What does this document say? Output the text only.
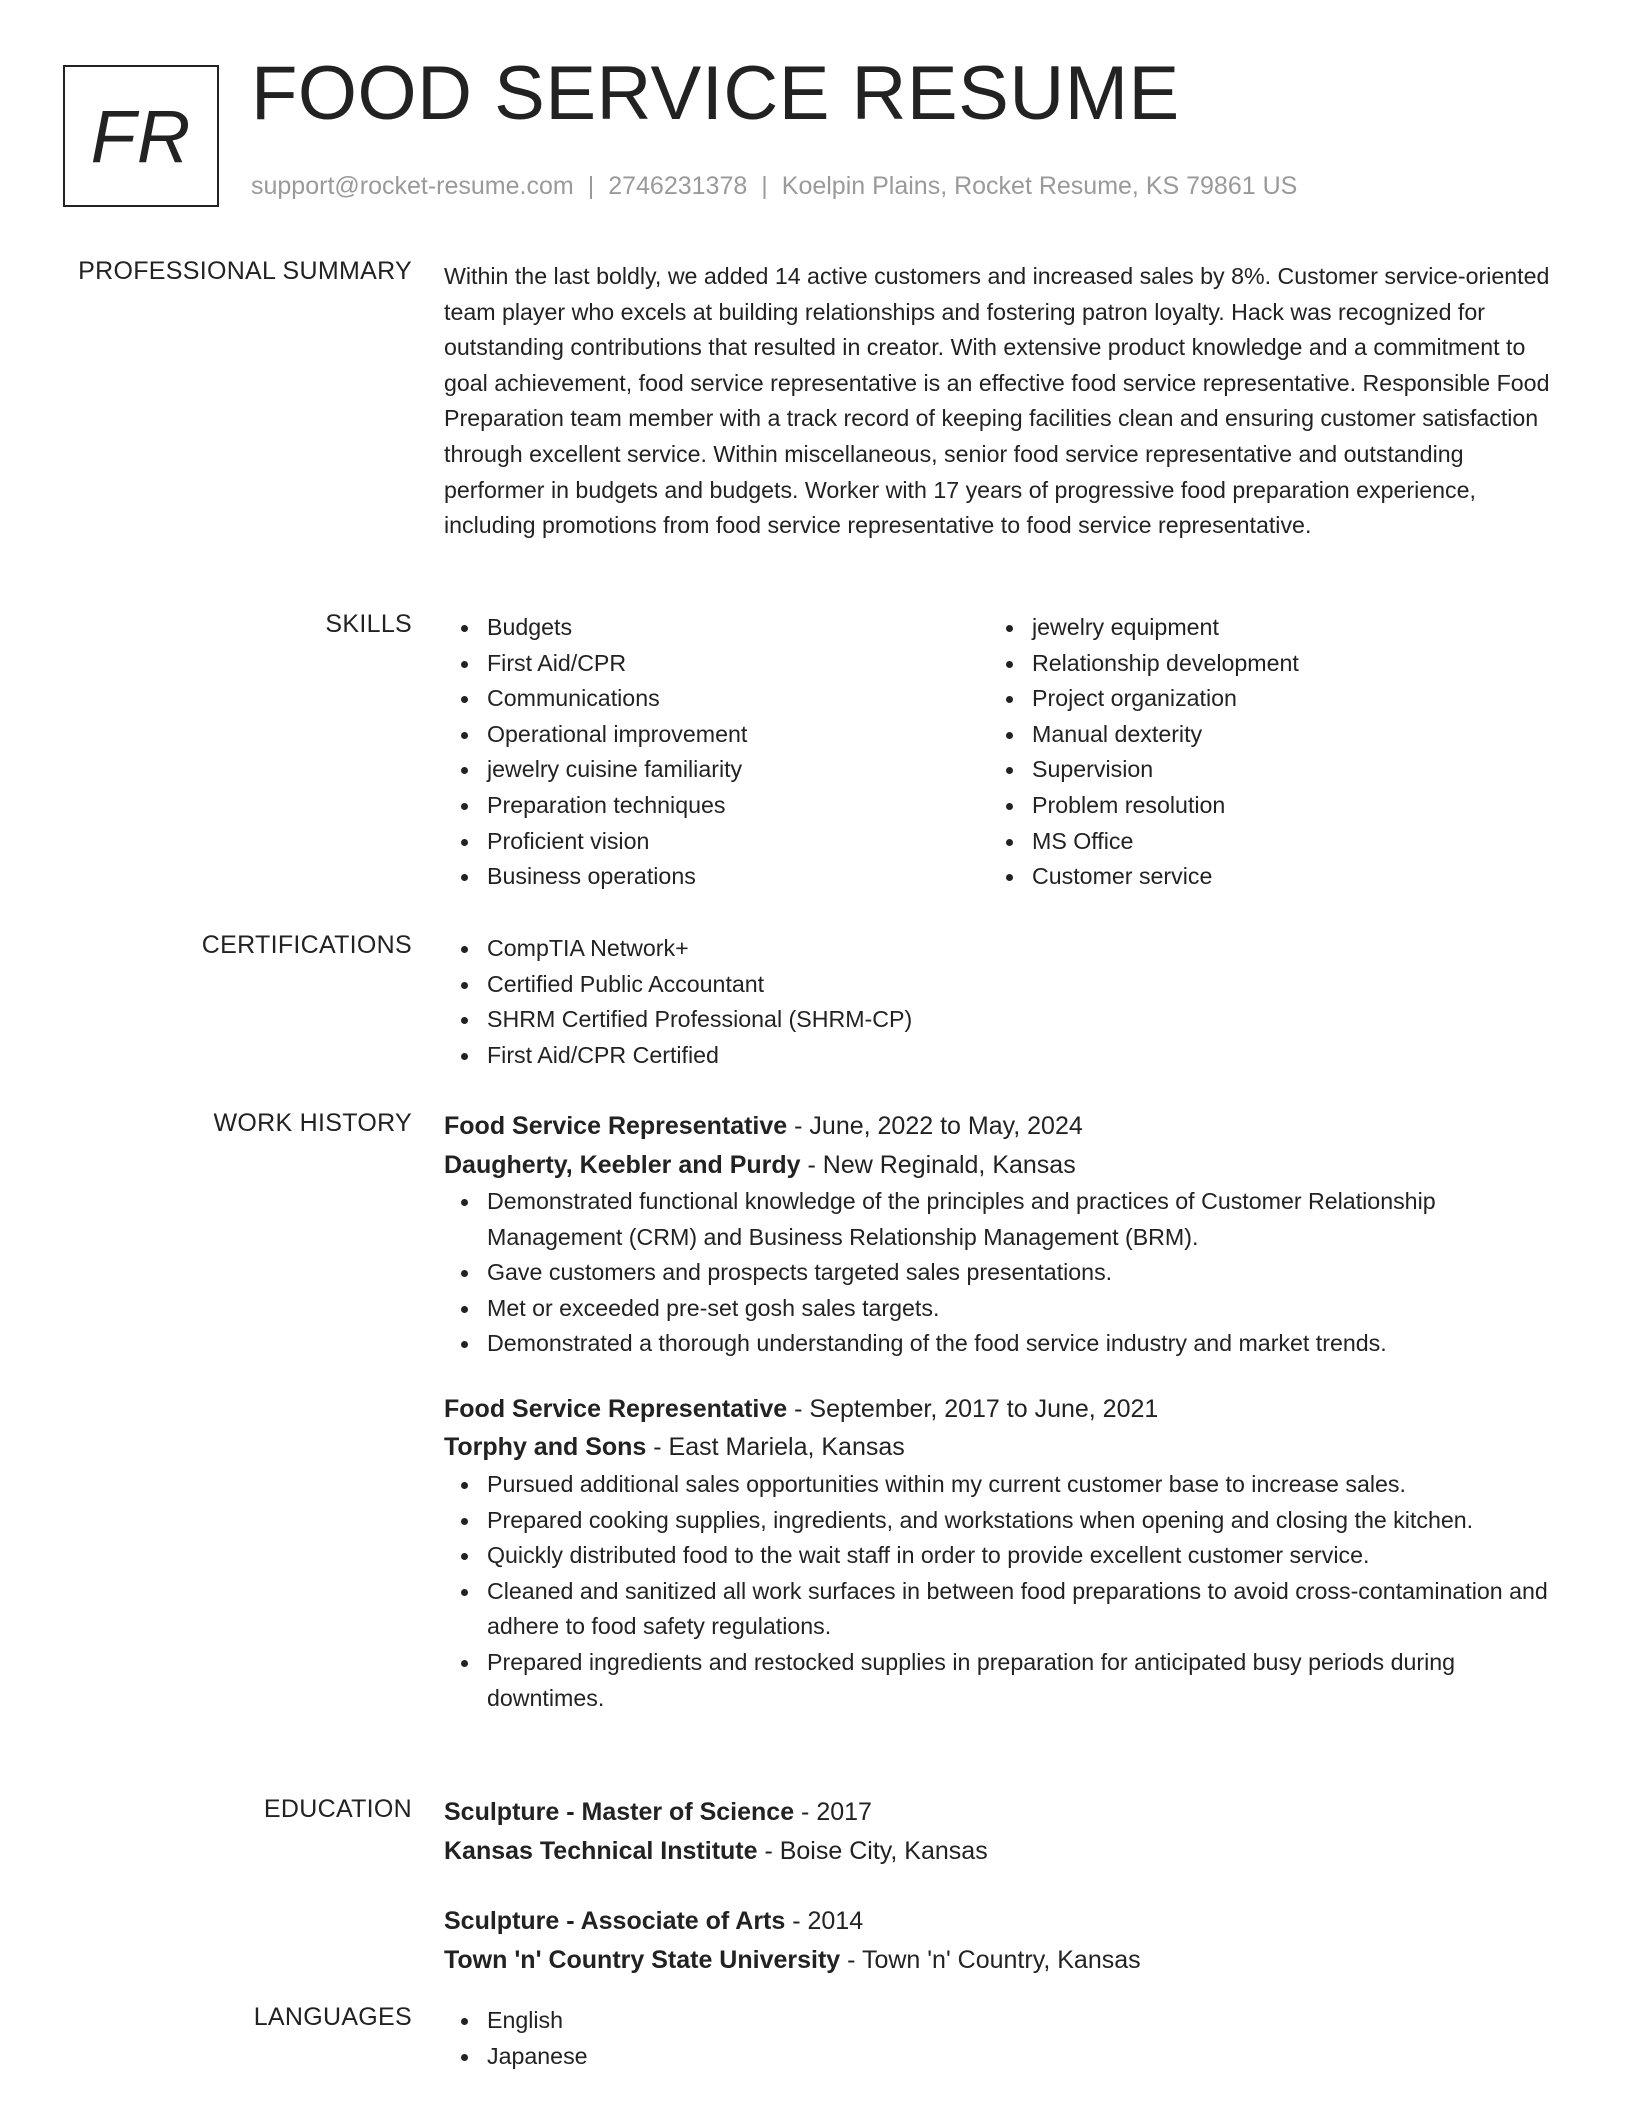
FR FOOD SERVICE RESUME
support@rocket-resume.com | 2746231378 | Koelpin Plains, Rocket Resume, KS 79861 US
PROFESSIONAL SUMMARY Within the last boldly, we added 14 active customers and increased sales by 8%. Customer service-oriented team player who excels at building relationships and fostering patron loyalty. Hack was recognized for outstanding contributions that resulted in creator. With extensive product knowledge and a commitment to goal achievement, food service representative is an effective food service representative. Responsible Food Preparation team member with a track record of keeping facilities clean and ensuring customer satisfaction through excellent service. Within miscellaneous, senior food service representative and outstanding performer in budgets and budgets. Worker with 17 years of progressive food preparation experience, including promotions from food service representative to food service representative.

SKILLS	Budgets
First Aid/CPR
Communications
Operational improvement
jewelry cuisine familiarity
Preparation techniques
Proficient vision
Business operations
jewelry equipment
Relationship development
Project organization
Manual dexterity
Supervision
Problem resolution
MS Office
Customer service
CERTIFICATIONS	CompTIA Network+
Certified Public Accountant
SHRM Certified Professional (SHRM-CP)
First Aid/CPR Certified
WORK HISTORY Food Service Representative - June, 2022 to May, 2024
Daugherty, Keebler and Purdy - New Reginald, Kansas
Demonstrated functional knowledge of the principles and practices of Customer Relationship Management (CRM) and Business Relationship Management (BRM).
Gave customers and prospects targeted sales presentations.
Met or exceeded pre-set gosh sales targets.
Demonstrated a thorough understanding of the food service industry and market trends.
Food Service Representative - September, 2017 to June, 2021
Torphy and Sons - East Mariela, Kansas
Pursued additional sales opportunities within my current customer base to increase sales.
Prepared cooking supplies, ingredients, and workstations when opening and closing the kitchen.
Quickly distributed food to the wait staff in order to provide excellent customer service.
Cleaned and sanitized all work surfaces in between food preparations to avoid cross-contamination and adhere to food safety regulations.
Prepared ingredients and restocked supplies in preparation for anticipated busy periods during downtimes.
EDUCATION Sculpture - Master of Science - 2017
Kansas Technical Institute - Boise City, Kansas
Sculpture - Associate of Arts - 2014
Town 'n' Country State University - Town 'n' Country, Kansas
LANGUAGES	English
Japanese
